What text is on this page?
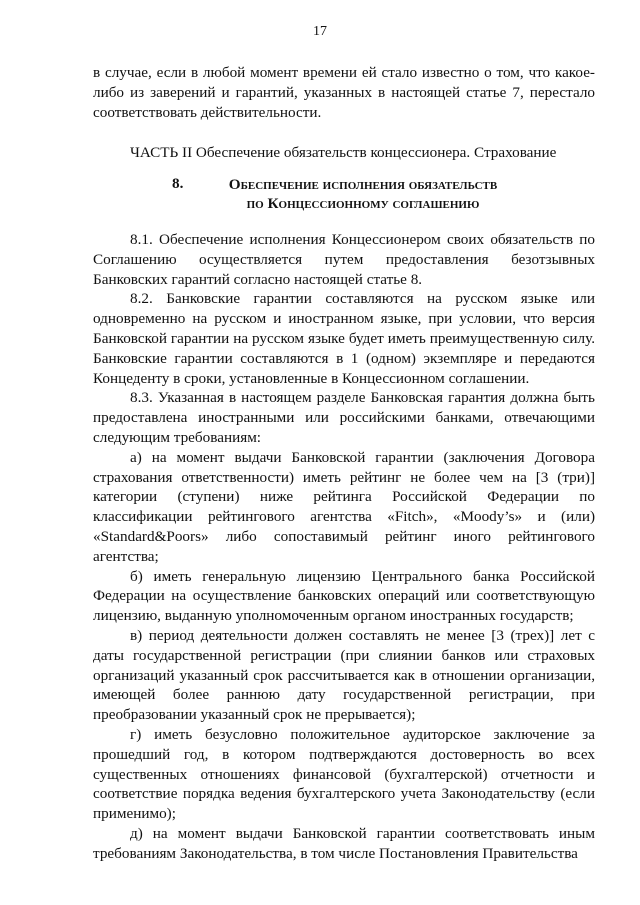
17

в случае, если в любой момент времени ей стало известно о том, что какое-либо из заверений и гарантий, указанных в настоящей статье 7, перестало соответствовать действительности.

ЧАСТЬ II Обеспечение обязательств концессионера. Страхование
8.	Обеспечение исполнения обязательств
по Концессионному соглашению

8.1. Обеспечение исполнения Концессионером своих обязательств по Соглашению осуществляется путем предоставления безотзывных Банковских гарантий согласно настоящей статье 8.

8.2. Банковские гарантии составляются на русском языке или одновременно на русском и иностранном языке, при условии, что версия Банковской гарантии на русском языке будет иметь преимущественную силу. Банковские гарантии составляются в 1 (одном) экземпляре и передаются Концеденту в сроки, установленные в Концессионном соглашении.

8.3. Указанная в настоящем разделе Банковская гарантия должна быть предоставлена иностранными или российскими банками, отвечающими следующим требованиям:

а) на момент выдачи Банковской гарантии (заключения Договора страхования ответственности) иметь рейтинг не более чем на [3 (три)] категории (ступени) ниже рейтинга Российской Федерации по классификации рейтингового агентства «Fitch», «Moody’s» и (или) «Standard&Poors» либо сопоставимый рейтинг иного рейтингового агентства;

б) иметь генеральную лицензию Центрального банка Российской Федерации на осуществление банковских операций или соответствующую лицензию, выданную уполномоченным органом иностранных государств;

в) период деятельности должен составлять не менее [3 (трех)] лет с даты государственной регистрации (при слиянии банков или страховых организаций указанный срок рассчитывается как в отношении организации, имеющей более раннюю дату государственной регистрации, при преобразовании указанный срок не прерывается);

г) иметь безусловно положительное аудиторское заключение за прошедший год, в котором подтверждаются достоверность во всех существенных отношениях финансовой (бухгалтерской) отчетности и соответствие порядка ведения бухгалтерского учета Законодательству (если применимо);

д) на момент выдачи Банковской гарантии соответствовать иным требованиям Законодательства, в том числе Постановления Правительства
